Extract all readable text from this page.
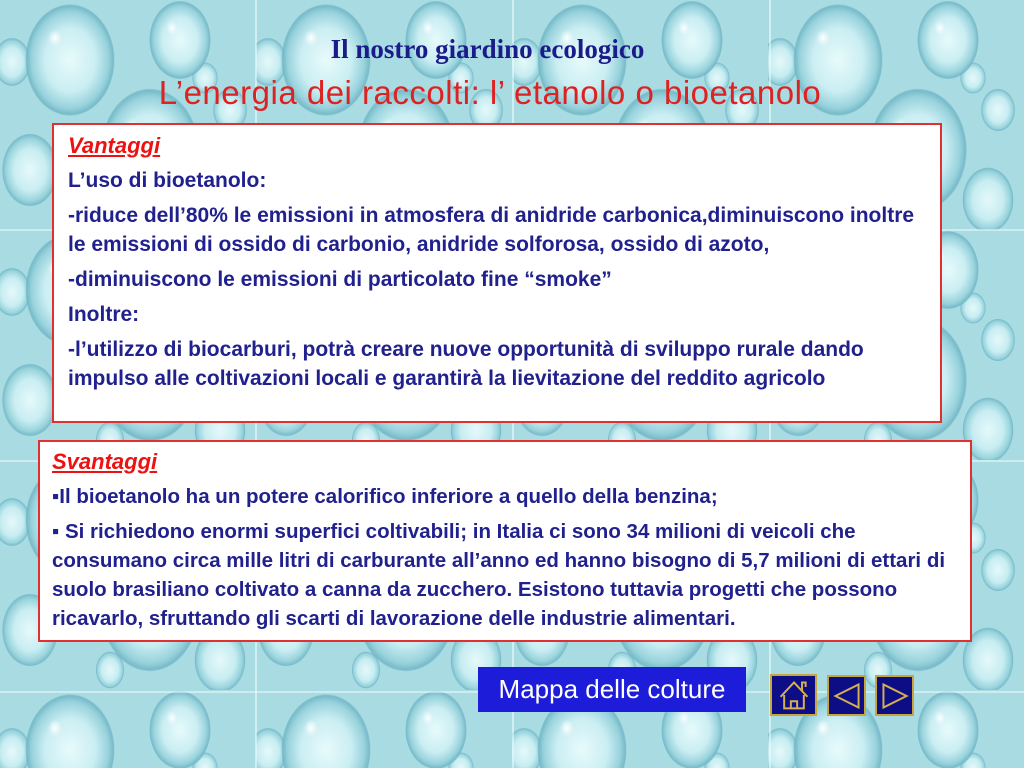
Il nostro giardino ecologico
L’energia dei raccolti: l’ etanolo o bioetanolo
Vantaggi

L’uso di bioetanolo:

-riduce dell’80% le emissioni in atmosfera di anidride carbonica,diminuiscono inoltre le emissioni di ossido di carbonio, anidride solforosa, ossido di azoto,

-diminuiscono le emissioni di particolato fine “smoke”

Inoltre:

-l’utilizzo di biocarburi, potrà creare nuove opportunità di sviluppo rurale dando impulso alle coltivazioni locali e garantirà la lievitazione del reddito agricolo

Svantaggi

▪Il bioetanolo ha un potere calorifico inferiore a quello della benzina;

▪ Si richiedono enormi superfici coltivabili; in Italia ci sono 34 milioni di veicoli che consumano circa mille litri di carburante all’anno ed hanno bisogno di 5,7 milioni di ettari di suolo brasiliano coltivato a canna da zucchero. Esistono tuttavia progetti che possono ricavarlo, sfruttando gli scarti di lavorazione delle industrie alimentari.

Mappa delle colture
